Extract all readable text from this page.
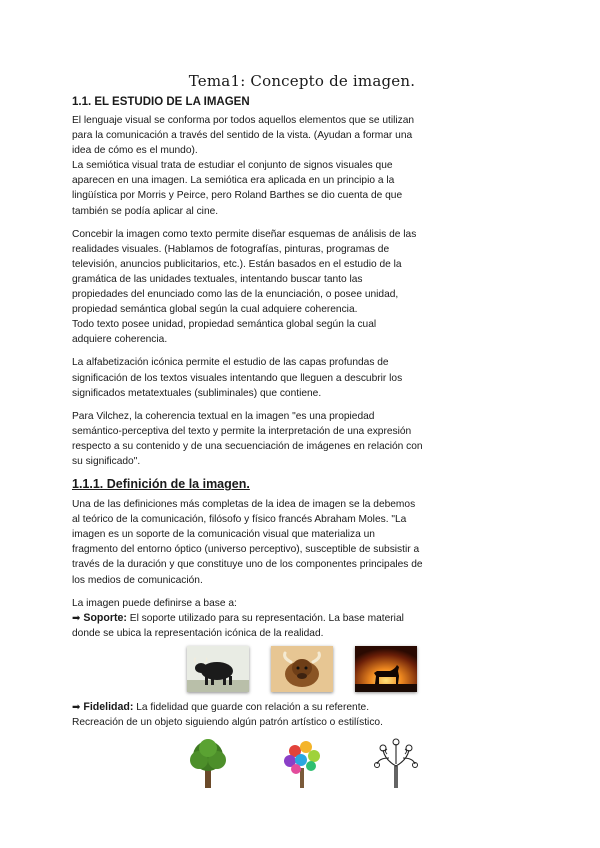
Tema1: Concepto de imagen.
1.1. EL ESTUDIO DE LA IMAGEN

El lenguaje visual se conforma por todos aquellos elementos que se utilizan
para la comunicación a través del sentido de la vista. (Ayudan a formar una
idea de cómo es el mundo).
La semiótica visual trata de estudiar el conjunto de signos visuales que
aparecen en una imagen. La semiótica era aplicada en un principio a la
lingüística por Morris y Peirce, pero Roland Barthes se dio cuenta de que
también se podía aplicar al cine.

Concebir la imagen como texto permite diseñar esquemas de análisis de las
realidades visuales. (Hablamos de fotografías, pinturas, programas de
televisión, anuncios publicitarios, etc.). Están basados en el estudio de la
gramática de las unidades textuales, intentando buscar tanto las
propiedades del enunciado como las de la enunciación, o posee unidad,
propiedad semántica global según la cual adquiere coherencia.
Todo texto posee unidad, propiedad semántica global según la cual
adquiere coherencia.

La alfabetización icónica permite el estudio de las capas profundas de
significación de los textos visuales intentando que lleguen a descubrir los
significados metatextuales (subliminales) que contiene.

Para Vilchez, la coherencia textual en la imagen "es una propiedad
semántico-perceptiva del texto y permite la interpretación de una expresión
respecto a su contenido y de una secuenciación de imágenes en relación con
su significado".

1.1.1. Definición de la imagen.

Una de las definiciones más completas de la idea de imagen se la debemos
al teórico de la comunicación, filósofo y físico francés Abraham Moles. "La
imagen es un soporte de la comunicación visual que materializa un
fragmento del entorno óptico (universo perceptivo), susceptible de subsistir a
través de la duración y que constituye uno de los componentes principales de
los medios de comunicación.

La imagen puede definirse a base a:

➡ Soporte: El soporte utilizado para su representación. La base material
donde se ubica la representación icónica de la realidad.
➡ Fidelidad: La fidelidad que guarde con relación a su referente.
Recreación de un objeto siguiendo algún patrón artístico o estilístico.
